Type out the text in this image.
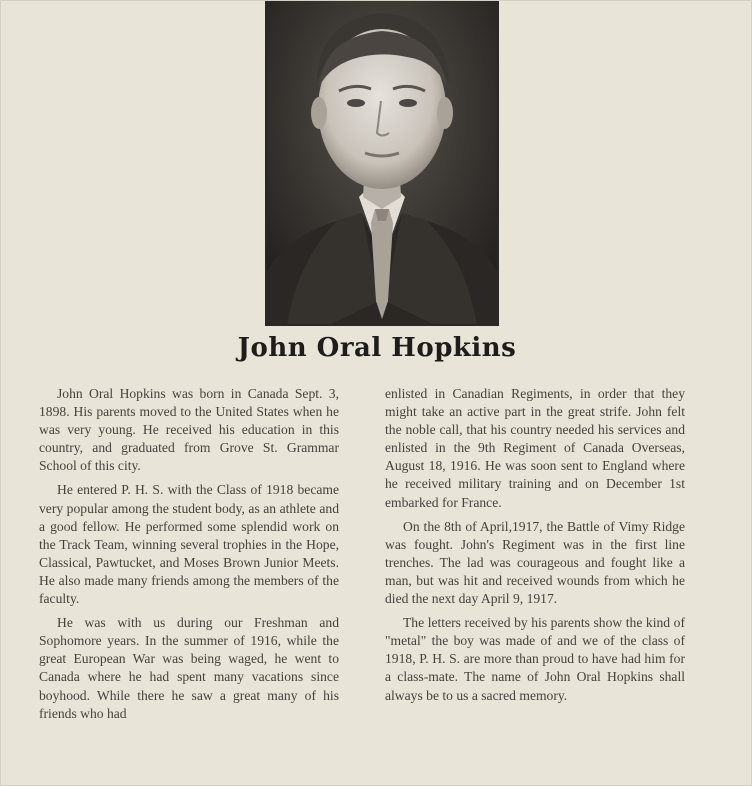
John Oral Hopkins

John Oral Hopkins was born in Canada Sept. 3, 1898. His parents moved to the United States when he was very young. He received his education in this country, and graduated from Grove St. Grammar School of this city.

He entered P. H. S. with the Class of 1918 became very popular among the student body, as an athlete and a good fellow. He performed some splendid work on the Track Team, winning several trophies in the Hope, Classical, Pawtucket, and Moses Brown Junior Meets. He also made many friends among the members of the faculty.

He was with us during our Freshman and Sophomore years. In the summer of 1916, while the great European War was being waged, he went to Canada where he had spent many vacations since boyhood. While there he saw a great many of his friends who had

enlisted in Canadian Regiments, in order that they might take an active part in the great strife. John felt the noble call, that his country needed his services and enlisted in the 9th Regiment of Canada Overseas, August 18, 1916. He was soon sent to England where he received military training and on December 1st embarked for France.

On the 8th of April,1917, the Battle of Vimy Ridge was fought. John's Regiment was in the first line trenches. The lad was courageous and fought like a man, but was hit and received wounds from which he died the next day April 9, 1917.

The letters received by his parents show the kind of "metal" the boy was made of and we of the class of 1918, P. H. S. are more than proud to have had him for a class-mate. The name of John Oral Hopkins shall always be to us a sacred memory.
